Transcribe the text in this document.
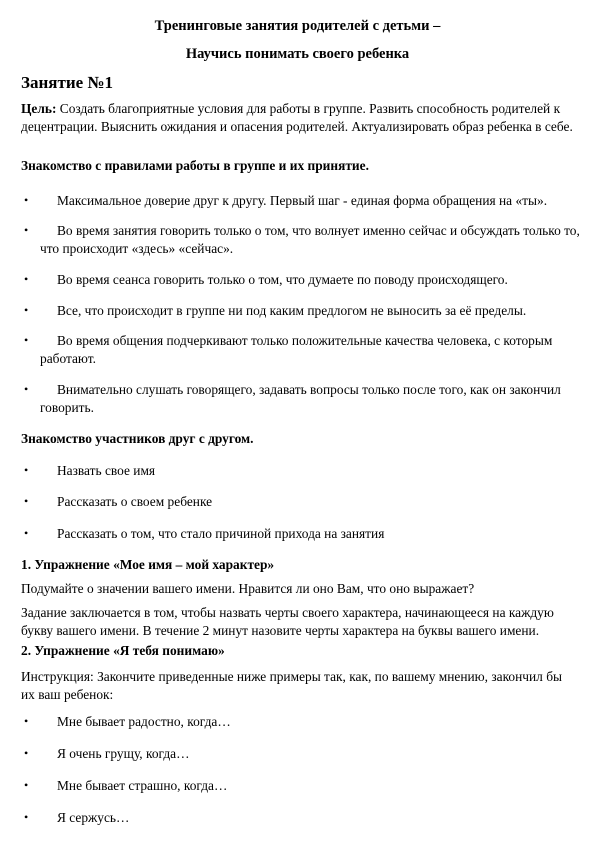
Тренинговые занятия родителей с детьми –
Научись понимать своего ребенка
Занятие №1
Цель: Создать благоприятные условия для работы в группе. Развить способность родителей к децентрации. Выяснить ожидания и опасения родителей. Актуализировать образ ребенка в себе.
Знакомство с правилами работы в группе и их принятие.
•	Максимальное доверие друг к другу. Первый шаг - единая форма обращения на «ты».
•	Во время занятия говорить только о том, что волнует именно сейчас и обсуждать только то, что происходит «здесь» «сейчас».
•	Во время сеанса говорить только о том, что думаете по поводу происходящего.
•	Все, что происходит в группе ни под каким предлогом не выносить за её пределы.
•	Во время общения подчеркивают только положительные качества человека, с которым работают.
•	Внимательно слушать говорящего, задавать вопросы только после того, как он закончил говорить.
Знакомство участников друг с другом.
•	Назвать свое имя
•	Рассказать о своем ребенке
•	Рассказать о том, что стало причиной прихода на занятия
1. Упражнение «Мое имя – мой характер»
Подумайте о значении вашего имени. Нравится ли оно Вам, что оно выражает?
Задание заключается в том, чтобы назвать черты своего характера, начинающееся на каждую букву вашего имени. В течение 2 минут назовите черты характера на буквы вашего имени.
2. Упражнение «Я тебя понимаю»
Инструкция: Закончите приведенные ниже примеры так, как, по вашему мнению, закончил бы их ваш ребенок:
•	Мне бывает радостно, когда…
•	Я очень грущу, когда…
•	Мне бывает страшно, когда…
•	Я сержусь…
